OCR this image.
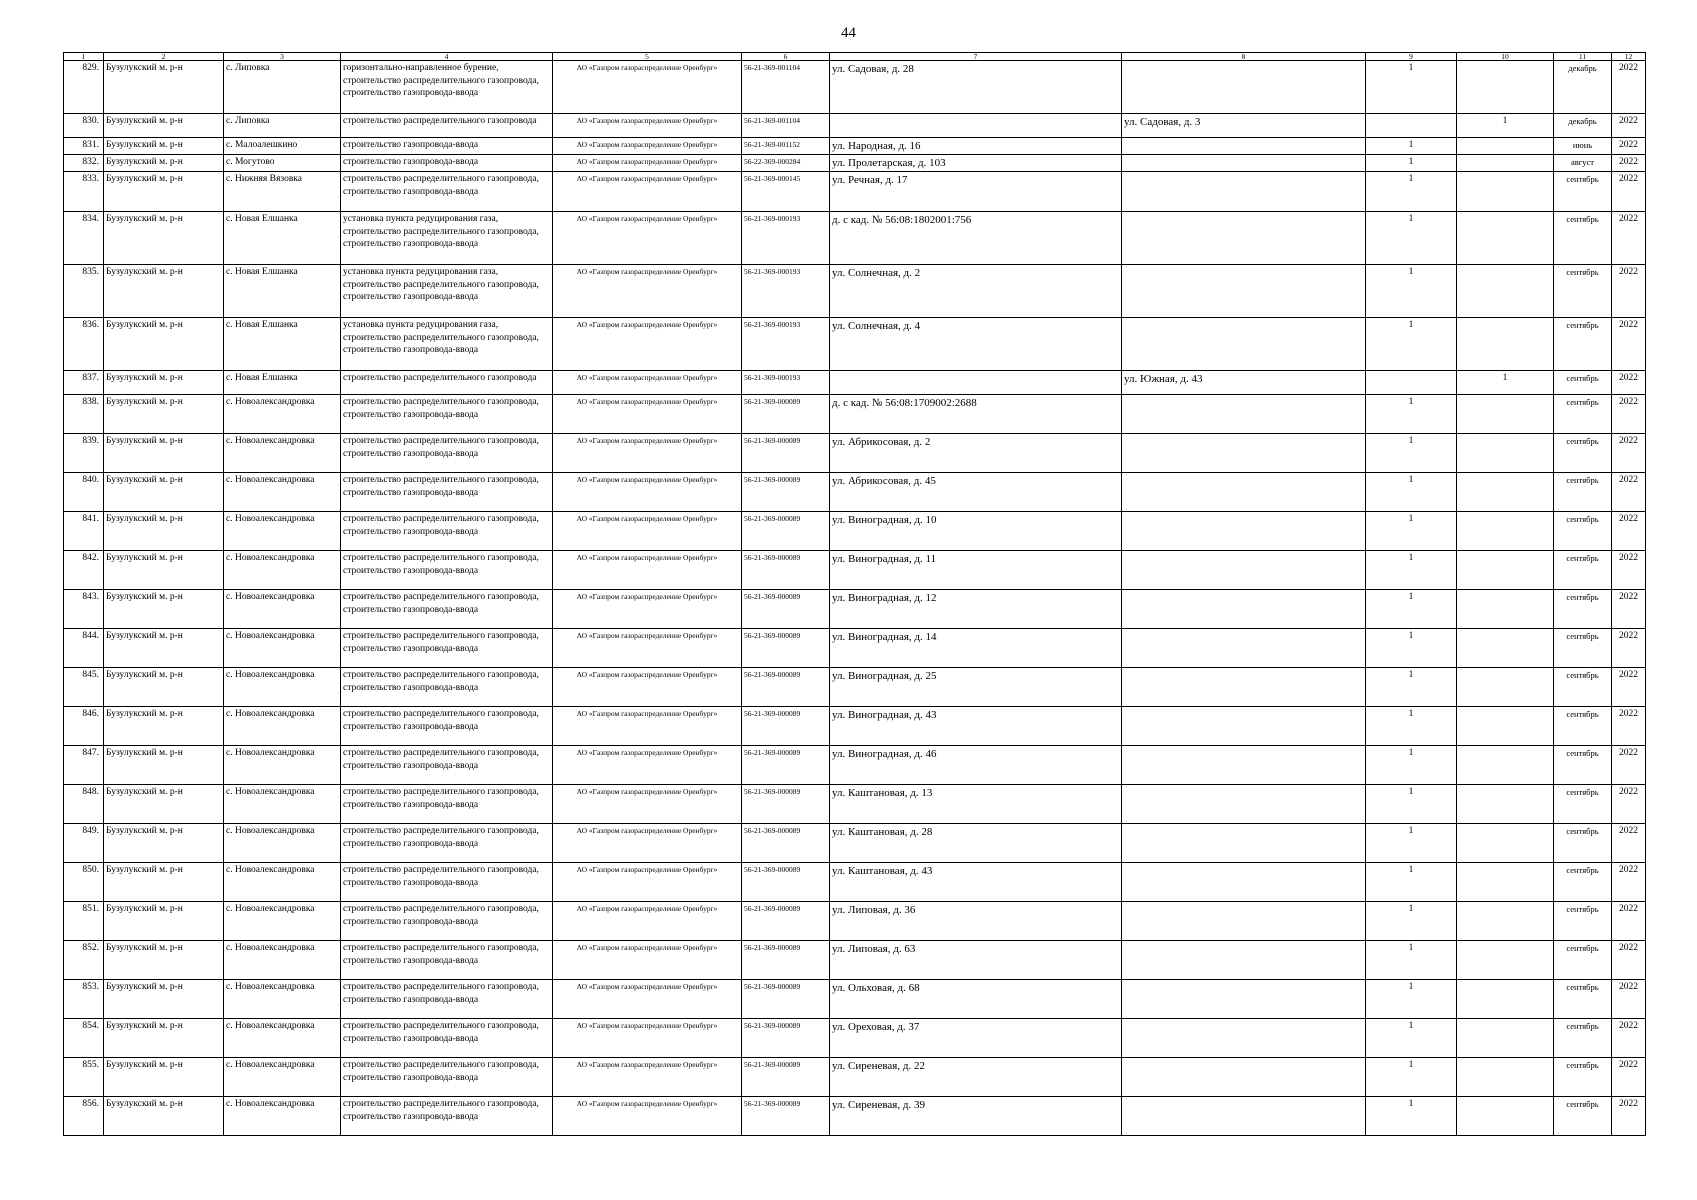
44
1	2	3	4	5	6	7	8	9	10	11	12
829.	Бузулукский м. р-н	с. Липовка	горизонтально-направленное бурение, строительство распределительного газопровода, строительство газопровода-ввода	АО «Газпром газораспределение Оренбург»	56-21-369-001104	ул. Садовая, д. 28		1		декабрь	2022
830.	Бузулукский м. р-н	с. Липовка	строительство распределительного газопровода	АО «Газпром газораспределение Оренбург»	56-21-369-001104		ул. Садовая, д. 3		1	декабрь	2022
831.	Бузулукский м. р-н	с. Малоалешкино	строительство газопровода-ввода	АО «Газпром газораспределение Оренбург»	56-21-369-001152	ул. Народная, д. 16		1		июнь	2022
832.	Бузулукский м. р-н	с. Могутово	строительство газопровода-ввода	АО «Газпром газораспределение Оренбург»	56-22-369-000284	ул. Пролетарская, д. 103		1		август	2022
833.	Бузулукский м. р-н	с. Нижняя Вязовка	строительство распределительного газопровода, строительство газопровода-ввода	АО «Газпром газораспределение Оренбург»	56-21-369-000145	ул. Речная, д. 17		1		сентябрь	2022
834.	Бузулукский м. р-н	с. Новая Елшанка	установка пункта редуцирования газа, строительство распределительного газопровода, строительство газопровода-ввода	АО «Газпром газораспределение Оренбург»	56-21-369-000193	д. с кад. № 56:08:1802001:756		1		сентябрь	2022
835.	Бузулукский м. р-н	с. Новая Елшанка	установка пункта редуцирования газа, строительство распределительного газопровода, строительство газопровода-ввода	АО «Газпром газораспределение Оренбург»	56-21-369-000193	ул. Солнечная, д. 2		1		сентябрь	2022
836.	Бузулукский м. р-н	с. Новая Елшанка	установка пункта редуцирования газа, строительство распределительного газопровода, строительство газопровода-ввода	АО «Газпром газораспределение Оренбург»	56-21-369-000193	ул. Солнечная, д. 4		1		сентябрь	2022
837.	Бузулукский м. р-н	с. Новая Елшанка	строительство распределительного газопровода	АО «Газпром газораспределение Оренбург»	56-21-369-000193		ул. Южная, д. 43		1	сентябрь	2022
838.	Бузулукский м. р-н	с. Новоалександровка	строительство распределительного газопровода, строительство газопровода-ввода	АО «Газпром газораспределение Оренбург»	56-21-369-000089	д. с кад. № 56:08:1709002:2688		1		сентябрь	2022
839.	Бузулукский м. р-н	с. Новоалександровка	строительство распределительного газопровода, строительство газопровода-ввода	АО «Газпром газораспределение Оренбург»	56-21-369-000089	ул. Абрикосовая, д. 2		1		сентябрь	2022
840.	Бузулукский м. р-н	с. Новоалександровка	строительство распределительного газопровода, строительство газопровода-ввода	АО «Газпром газораспределение Оренбург»	56-21-369-000089	ул. Абрикосовая, д. 45		1		сентябрь	2022
841.	Бузулукский м. р-н	с. Новоалександровка	строительство распределительного газопровода, строительство газопровода-ввода	АО «Газпром газораспределение Оренбург»	56-21-369-000089	ул. Виноградная, д. 10		1		сентябрь	2022
842.	Бузулукский м. р-н	с. Новоалександровка	строительство распределительного газопровода, строительство газопровода-ввода	АО «Газпром газораспределение Оренбург»	56-21-369-000089	ул. Виноградная, д. 11		1		сентябрь	2022
843.	Бузулукский м. р-н	с. Новоалександровка	строительство распределительного газопровода, строительство газопровода-ввода	АО «Газпром газораспределение Оренбург»	56-21-369-000089	ул. Виноградная, д. 12		1		сентябрь	2022
844.	Бузулукский м. р-н	с. Новоалександровка	строительство распределительного газопровода, строительство газопровода-ввода	АО «Газпром газораспределение Оренбург»	56-21-369-000089	ул. Виноградная, д. 14		1		сентябрь	2022
845.	Бузулукский м. р-н	с. Новоалександровка	строительство распределительного газопровода, строительство газопровода-ввода	АО «Газпром газораспределение Оренбург»	56-21-369-000089	ул. Виноградная, д. 25		1		сентябрь	2022
846.	Бузулукский м. р-н	с. Новоалександровка	строительство распределительного газопровода, строительство газопровода-ввода	АО «Газпром газораспределение Оренбург»	56-21-369-000089	ул. Виноградная, д. 43		1		сентябрь	2022
847.	Бузулукский м. р-н	с. Новоалександровка	строительство распределительного газопровода, строительство газопровода-ввода	АО «Газпром газораспределение Оренбург»	56-21-369-000089	ул. Виноградная, д. 46		1		сентябрь	2022
848.	Бузулукский м. р-н	с. Новоалександровка	строительство распределительного газопровода, строительство газопровода-ввода	АО «Газпром газораспределение Оренбург»	56-21-369-000089	ул. Каштановая, д. 13		1		сентябрь	2022
849.	Бузулукский м. р-н	с. Новоалександровка	строительство распределительного газопровода, строительство газопровода-ввода	АО «Газпром газораспределение Оренбург»	56-21-369-000089	ул. Каштановая, д. 28		1		сентябрь	2022
850.	Бузулукский м. р-н	с. Новоалександровка	строительство распределительного газопровода, строительство газопровода-ввода	АО «Газпром газораспределение Оренбург»	56-21-369-000089	ул. Каштановая, д. 43		1		сентябрь	2022
851.	Бузулукский м. р-н	с. Новоалександровка	строительство распределительного газопровода, строительство газопровода-ввода	АО «Газпром газораспределение Оренбург»	56-21-369-000089	ул. Липовая, д. 36		1		сентябрь	2022
852.	Бузулукский м. р-н	с. Новоалександровка	строительство распределительного газопровода, строительство газопровода-ввода	АО «Газпром газораспределение Оренбург»	56-21-369-000089	ул. Липовая, д. 63		1		сентябрь	2022
853.	Бузулукский м. р-н	с. Новоалександровка	строительство распределительного газопровода, строительство газопровода-ввода	АО «Газпром газораспределение Оренбург»	56-21-369-000089	ул. Ольховая, д. 68		1		сентябрь	2022
854.	Бузулукский м. р-н	с. Новоалександровка	строительство распределительного газопровода, строительство газопровода-ввода	АО «Газпром газораспределение Оренбург»	56-21-369-000089	ул. Ореховая, д. 37		1		сентябрь	2022
855.	Бузулукский м. р-н	с. Новоалександровка	строительство распределительного газопровода, строительство газопровода-ввода	АО «Газпром газораспределение Оренбург»	56-21-369-000089	ул. Сиреневая, д. 22		1		сентябрь	2022
856.	Бузулукский м. р-н	с. Новоалександровка	строительство распределительного газопровода, строительство газопровода-ввода	АО «Газпром газораспределение Оренбург»	56-21-369-000089	ул. Сиреневая, д. 39		1		сентябрь	2022
